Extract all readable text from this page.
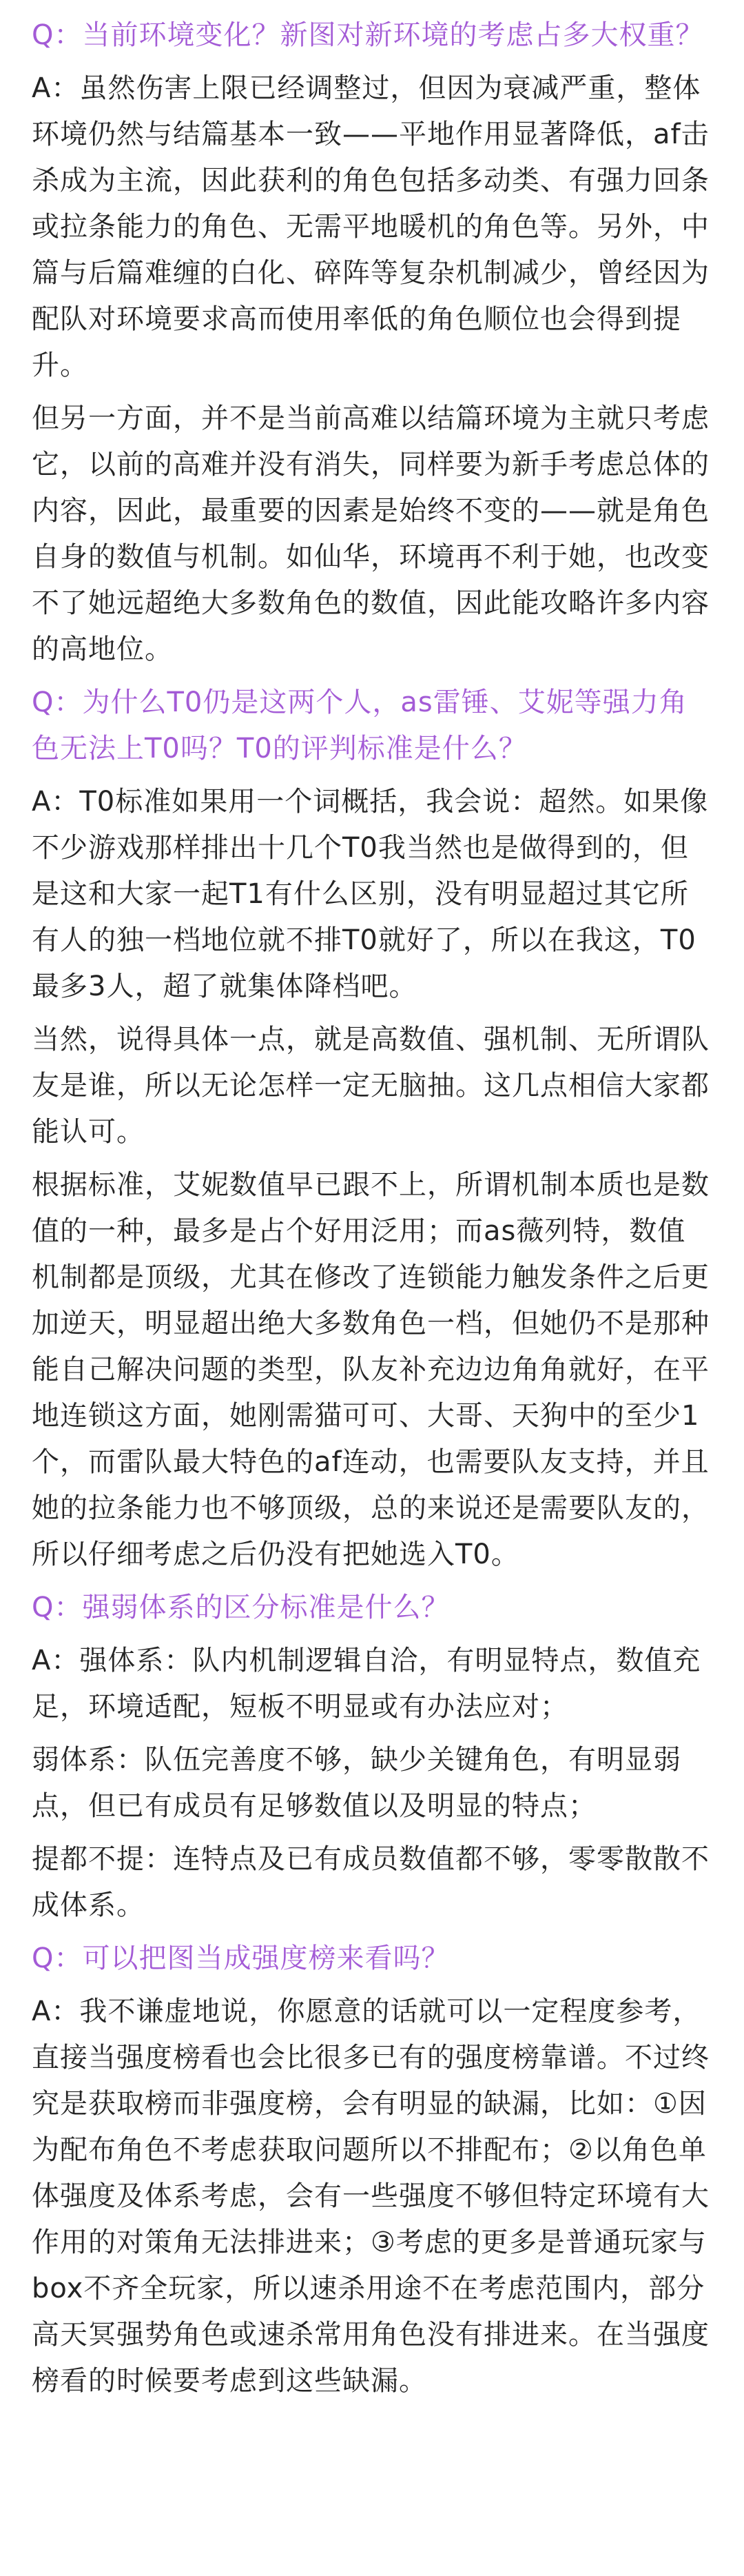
Q：当前环境变化？新图对新环境的考虑占多大权重？

A：虽然伤害上限已经调整过，但因为衰减严重，整体
环境仍然与结篇基本一致——平地作用显著降低，af击
杀成为主流，因此获利的角色包括多动类、有强力回条
或拉条能力的角色、无需平地暖机的角色等。另外，中
篇与后篇难缠的白化、碎阵等复杂机制减少，曾经因为
配队对环境要求高而使用率低的角色顺位也会得到提
升。

但另一方面，并不是当前高难以结篇环境为主就只考虑
它，以前的高难并没有消失，同样要为新手考虑总体的
内容，因此，最重要的因素是始终不变的——就是角色
自身的数值与机制。如仙华，环境再不利于她，也改变
不了她远超绝大多数角色的数值，因此能攻略许多内容
的高地位。

Q：为什么T0仍是这两个人，as雷锤、艾妮等强力角
色无法上T0吗？T0的评判标准是什么？

A：T0标准如果用一个词概括，我会说：超然。如果像
不少游戏那样排出十几个T0我当然也是做得到的，但
是这和大家一起T1有什么区别，没有明显超过其它所
有人的独一档地位就不排T0就好了，所以在我这，T0
最多3人，超了就集体降档吧。

当然，说得具体一点，就是高数值、强机制、无所谓队
友是谁，所以无论怎样一定无脑抽。这几点相信大家都
能认可。

根据标准，艾妮数值早已跟不上，所谓机制本质也是数
值的一种，最多是占个好用泛用；而as薇列特，数值
机制都是顶级，尤其在修改了连锁能力触发条件之后更
加逆天，明显超出绝大多数角色一档，但她仍不是那种
能自己解决问题的类型，队友补充边边角角就好，在平
地连锁这方面，她刚需猫可可、大哥、天狗中的至少1
个，而雷队最大特色的af连动，也需要队友支持，并且
她的拉条能力也不够顶级，总的来说还是需要队友的，
所以仔细考虑之后仍没有把她选入T0。

Q：强弱体系的区分标准是什么？

A：强体系：队内机制逻辑自洽，有明显特点，数值充
足，环境适配，短板不明显或有办法应对；

弱体系：队伍完善度不够，缺少关键角色，有明显弱
点，但已有成员有足够数值以及明显的特点；

提都不提：连特点及已有成员数值都不够，零零散散不
成体系。

Q：可以把图当成强度榜来看吗？

A：我不谦虚地说，你愿意的话就可以一定程度参考，
直接当强度榜看也会比很多已有的强度榜靠谱。不过终
究是获取榜而非强度榜，会有明显的缺漏，比如：①因
为配布角色不考虑获取问题所以不排配布；②以角色单
体强度及体系考虑，会有一些强度不够但特定环境有大
作用的对策角无法排进来；③考虑的更多是普通玩家与
box不齐全玩家，所以速杀用途不在考虑范围内，部分
高天冥强势角色或速杀常用角色没有排进来。在当强度
榜看的时候要考虑到这些缺漏。
